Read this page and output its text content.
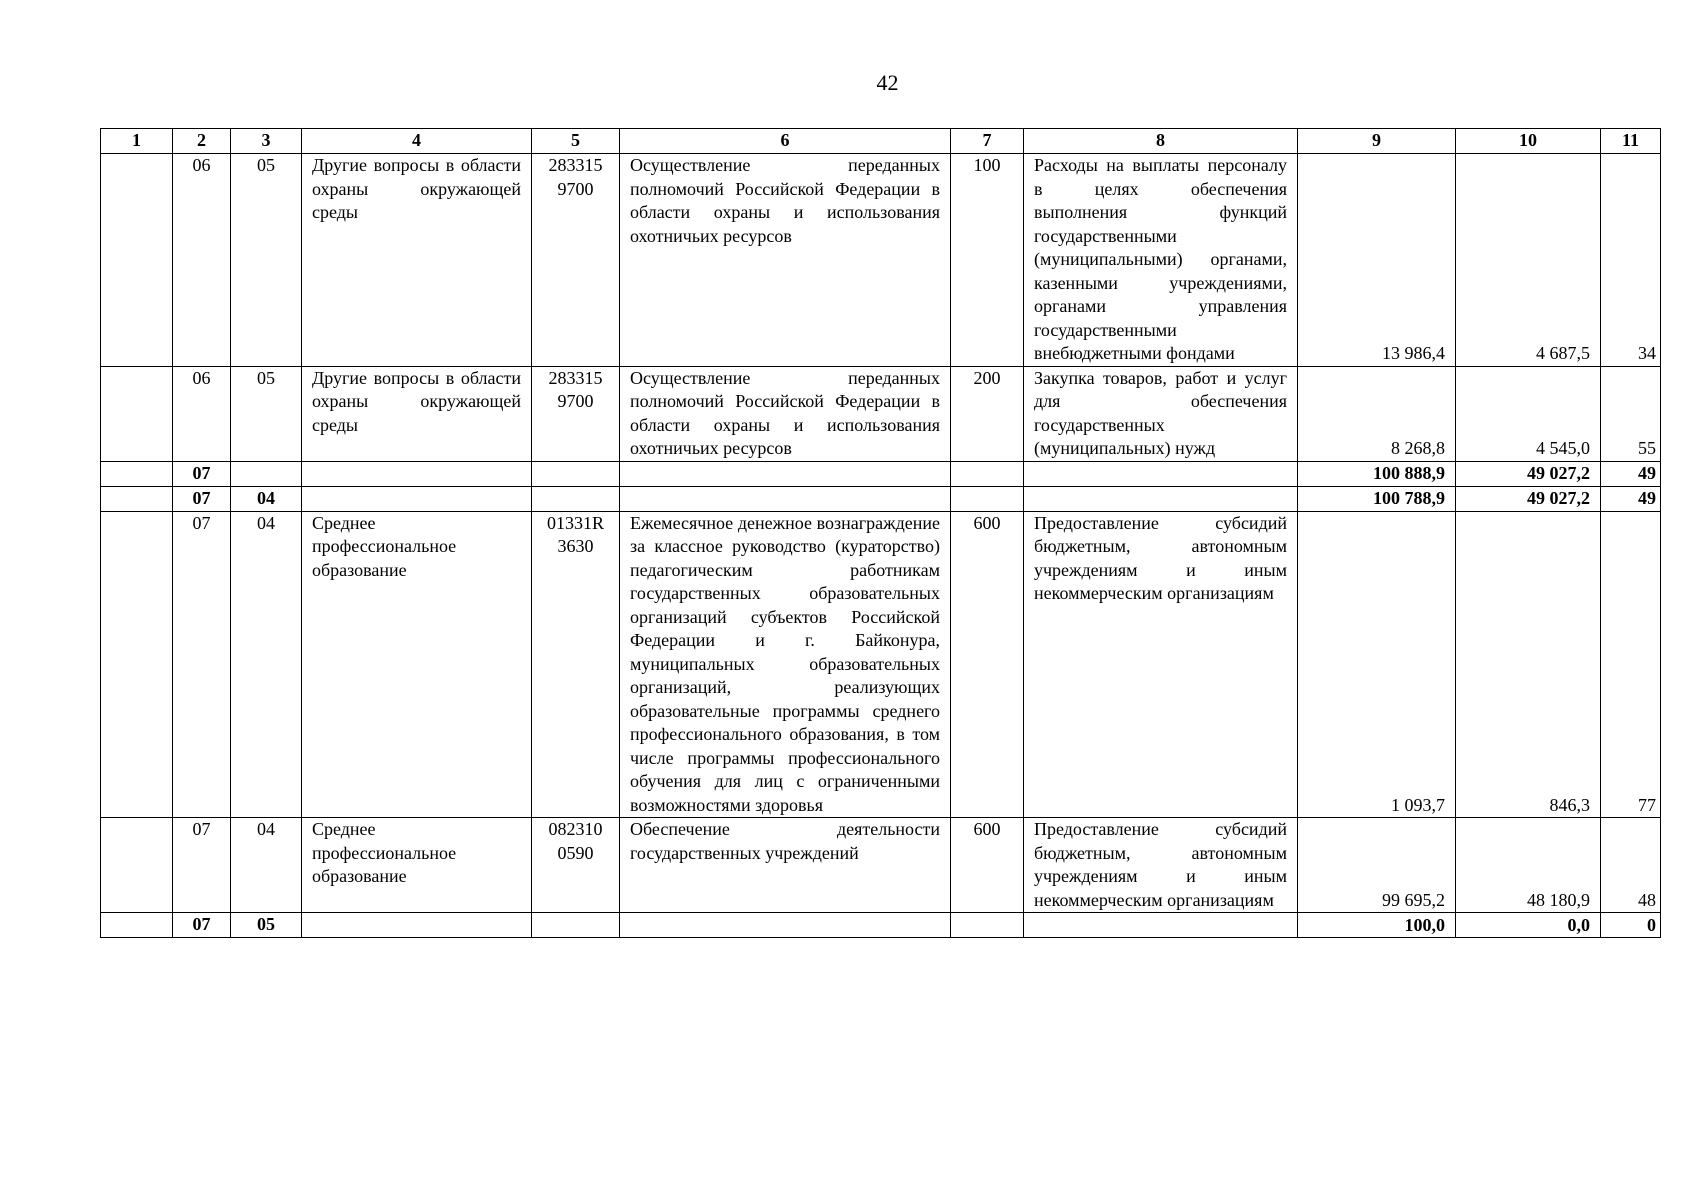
42
1	2	3	4	5	6	7	8	9	10	11
	06	05	Другие вопросы в области охраны окружающей среды	283315 9700	Осуществление переданных полномочий Российской Федерации в области охраны и использования охотничьих ресурсов	100	Расходы на выплаты персоналу в целях обеспечения выполнения функций государственными (муниципальными) органами, казенными учреждениями, органами управления государственными внебюджетными фондами	13 986,4	4 687,5	34
	06	05	Другие вопросы в области охраны окружающей среды	283315 9700	Осуществление переданных полномочий Российской Федерации в области охраны и использования охотничьих ресурсов	200	Закупка товаров, работ и услуг для обеспечения государственных (муниципальных) нужд	8 268,8	4 545,0	55
	07							100 888,9	49 027,2	49
	07	04						100 788,9	49 027,2	49
	07	04	Среднее профессиональное образование	01331R 3630	Ежемесячное денежное вознаграждение за классное руководство (кураторство) педагогическим работникам государственных образовательных организаций субъектов Российской Федерации и г. Байконура, муниципальных образовательных организаций, реализующих образовательные программы среднего профессионального образования, в том числе программы профессионального обучения для лиц с ограниченными возможностями здоровья	600	Предоставление субсидий бюджетным, автономным учреждениям и иным некоммерческим организациям	1 093,7	846,3	77
	07	04	Среднее профессиональное образование	082310 0590	Обеспечение деятельности государственных учреждений	600	Предоставление субсидий бюджетным, автономным учреждениям и иным некоммерческим организациям	99 695,2	48 180,9	48
	07	05						100,0	0,0	0
